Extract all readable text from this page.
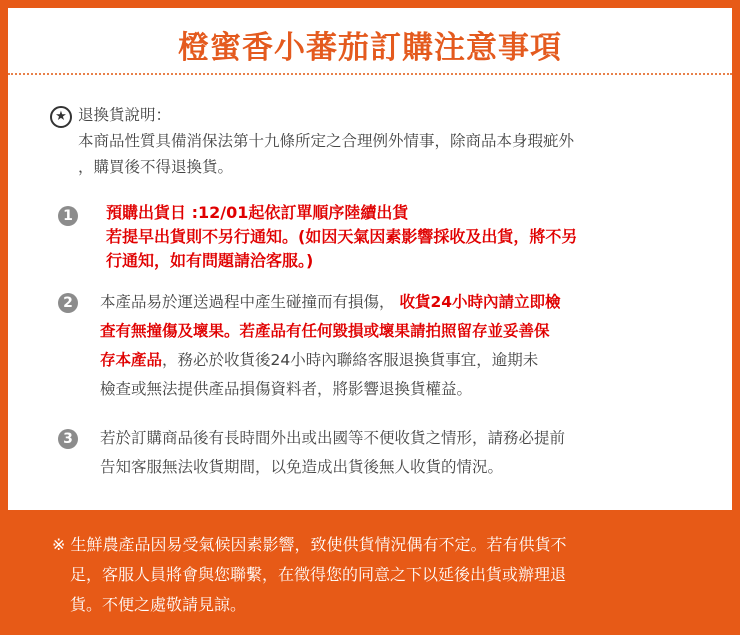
橙蜜香小蕃茄訂購注意事項
★ 退換貨說明：
本商品性質具備消保法第十九條所定之合理例外情事，除商品本身瑕疵外
，購買後不得退換貨。
1	預購出貨日 :12/01起依訂單順序陸續出貨
若提早出貨則不另行通知。(如因天氣因素影響採收及出貨，將不另
行通知，如有問題請洽客服。)
2	本產品易於運送過程中產生碰撞而有損傷， 收貨24小時內請立即檢
查有無撞傷及壞果。若產品有任何毀損或壞果請拍照留存並妥善保
存本產品，務必於收貨後24小時內聯絡客服退換貨事宜，逾期未
檢查或無法提供產品損傷資料者，將影響退換貨權益。
3	若於訂購商品後有長時間外出或出國等不便收貨之情形，請務必提前
告知客服無法收貨期間，以免造成出貨後無人收貨的情況。
※ 生鮮農產品因易受氣候因素影響，致使供貨情況偶有不定。若有供貨不
足，客服人員將會與您聯繫，在徵得您的同意之下以延後出貨或辦理退
貨。不便之處敬請見諒。
